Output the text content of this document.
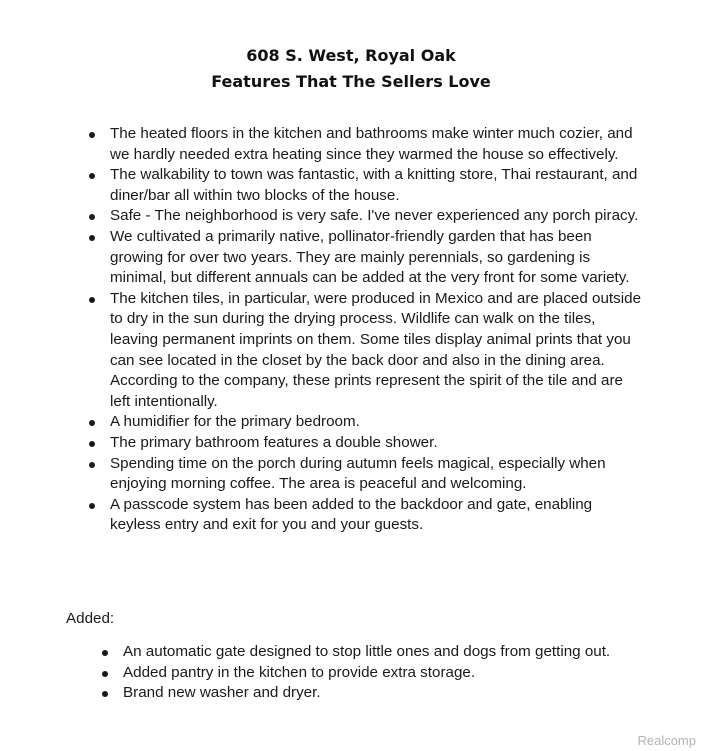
608 S. West, Royal Oak
Features That The Sellers Love
The heated floors in the kitchen and bathrooms make winter much cozier, and we hardly needed extra heating since they warmed the house so effectively.
The walkability to town was fantastic, with a knitting store, Thai restaurant, and diner/bar all within two blocks of the house.
Safe - The neighborhood is very safe. I've never experienced any porch piracy.
We cultivated a primarily native, pollinator-friendly garden that has been growing for over two years. They are mainly perennials, so gardening is minimal, but different annuals can be added at the very front for some variety.
The kitchen tiles, in particular, were produced in Mexico and are placed outside to dry in the sun during the drying process. Wildlife can walk on the tiles, leaving permanent imprints on them. Some tiles display animal prints that you can see located in the closet by the back door and also in the dining area. According to the company, these prints represent the spirit of the tile and are left intentionally.
A humidifier for the primary bedroom.
The primary bathroom features a double shower.
Spending time on the porch during autumn feels magical, especially when enjoying morning coffee. The area is peaceful and welcoming.
A passcode system has been added to the backdoor and gate, enabling keyless entry and exit for you and your guests.

Added:

An automatic gate designed to stop little ones and dogs from getting out.
Added pantry in the kitchen to provide extra storage.
Brand new washer and dryer.
Realcomp
